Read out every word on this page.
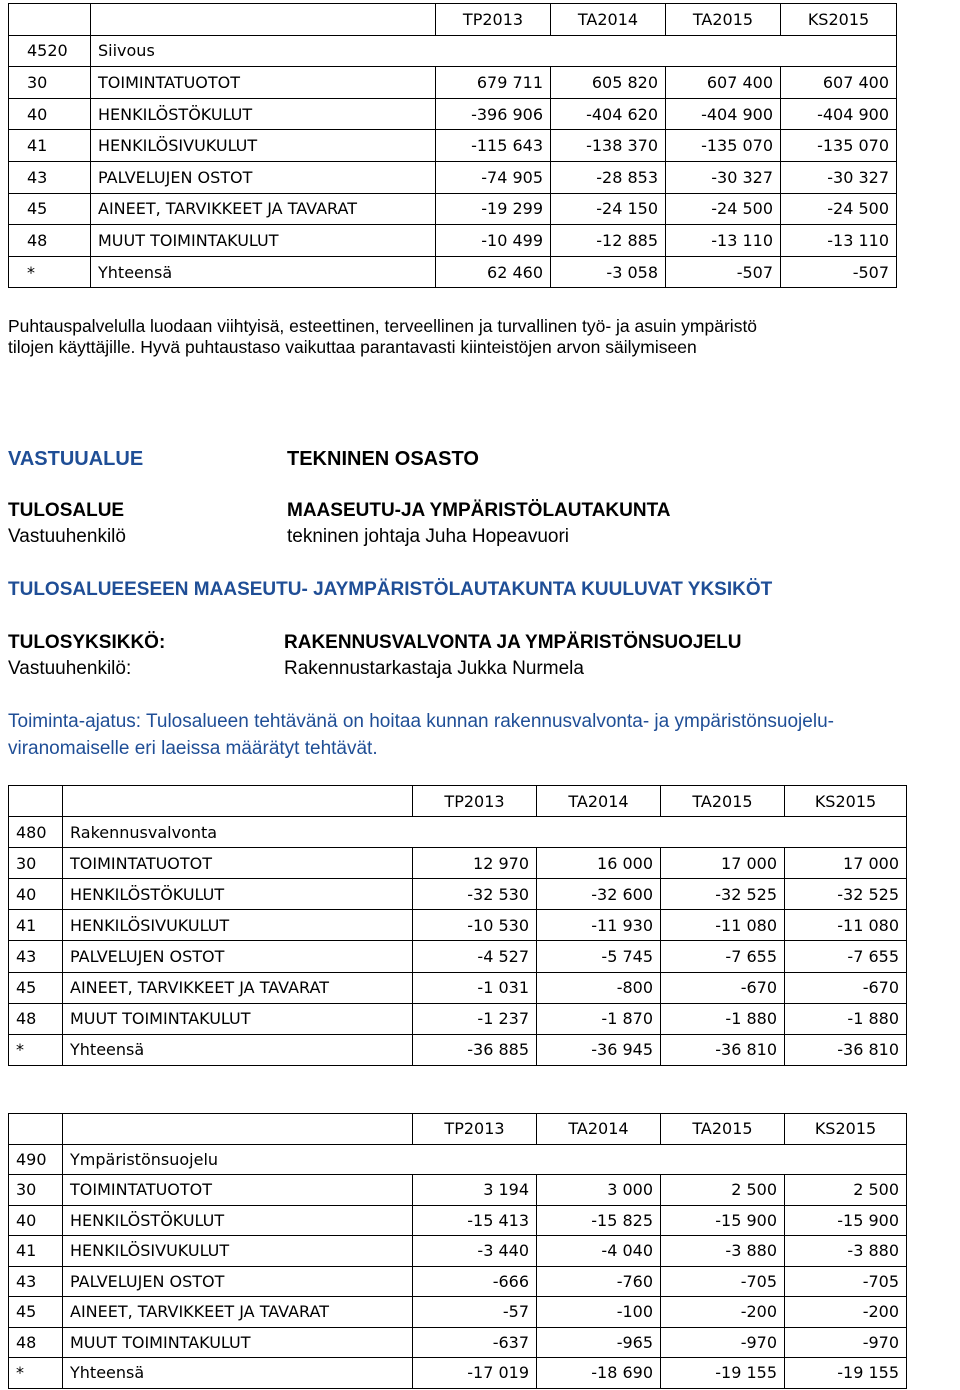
		TP2013	TA2014	TA2015	KS2015
4520	Siivous				
30	TOIMINTATUOTOT	679 711	605 820	607 400	607 400
40	HENKILÖSTÖKULUT	-396 906	-404 620	-404 900	-404 900
41	HENKILÖSIVUKULUT	-115 643	-138 370	-135 070	-135 070
43	PALVELUJEN OSTOT	-74 905	-28 853	-30 327	-30 327
45	AINEET, TARVIKKEET JA TAVARAT	-19 299	-24 150	-24 500	-24 500
48	MUUT TOIMINTAKULUT	-10 499	-12 885	-13 110	-13 110
*	Yhteensä	62 460	-3 058	-507	-507
Puhtauspalvelulla luodaan viihtyisä, esteettinen, terveellinen ja turvallinen työ- ja asuin ympäristö
tilojen käyttäjille. Hyvä puhtaustaso vaikuttaa parantavasti kiinteistöjen arvon säilymiseen
VASTUUALUE	TEKNINEN OSASTO
TULOSALUE	MAASEUTU-JA YMPÄRISTÖLAUTAKUNTA
Vastuuhenkilö	tekninen johtaja Juha Hopeavuori
TULOSALUEESEEN MAASEUTU- JAYMPÄRISTÖLAUTAKUNTA KUULUVAT YKSIKÖT
TULOSYKSIKKÖ:	RAKENNUSVALVONTA JA YMPÄRISTÖNSUOJELU
Vastuuhenkilö:	Rakennustarkastaja Jukka Nurmela
Toiminta-ajatus: Tulosalueen tehtävänä on hoitaa kunnan rakennusvalvonta- ja ympäristönsuojelu-
viranomaiselle eri laeissa määrätyt tehtävät.
		TP2013	TA2014	TA2015	KS2015
480	Rakennusvalvonta				
30	TOIMINTATUOTOT	12 970	16 000	17 000	17 000
40	HENKILÖSTÖKULUT	-32 530	-32 600	-32 525	-32 525
41	HENKILÖSIVUKULUT	-10 530	-11 930	-11 080	-11 080
43	PALVELUJEN OSTOT	-4 527	-5 745	-7 655	-7 655
45	AINEET, TARVIKKEET JA TAVARAT	-1 031	-800	-670	-670
48	MUUT TOIMINTAKULUT	-1 237	-1 870	-1 880	-1 880
*	Yhteensä	-36 885	-36 945	-36 810	-36 810
		TP2013	TA2014	TA2015	KS2015
490	Ympäristönsuojelu				
30	TOIMINTATUOTOT	3 194	3 000	2 500	2 500
40	HENKILÖSTÖKULUT	-15 413	-15 825	-15 900	-15 900
41	HENKILÖSIVUKULUT	-3 440	-4 040	-3 880	-3 880
43	PALVELUJEN OSTOT	-666	-760	-705	-705
45	AINEET, TARVIKKEET JA TAVARAT	-57	-100	-200	-200
48	MUUT TOIMINTAKULUT	-637	-965	-970	-970
*	Yhteensä	-17 019	-18 690	-19 155	-19 155
